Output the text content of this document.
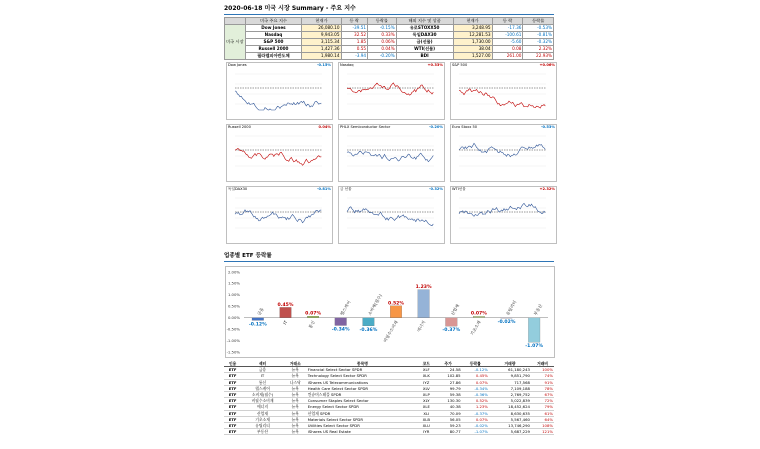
2020-06-18 미국 시장 Summary - 주요 지수
	미국 주요 지수	현재가	등 락	등락률	해외 지수 및 상품	현재가	등 락	등락률
미국 시장	Dow Jones	26,080.10	-39.51	-0.15%	유로STOXX50	3,248.95	-17.36	-0.53%
	Nasdaq	9,943.05	32.52	0.33%	독일DAX30	12,281.53	-100.61	-0.81%
	S&P 500	3,115.34	1.85	0.06%	금(선물)	1,730.00	-5.60	-0.32%
	Russell 2000	1,427.36	0.55	0.04%	WTI(선물)	38.04	0.08	2.32%
	필라델피아반도체	1,980.14	-3.94	-0.20%	BDI	1,527.00	261.00	22.93%
Dow Jones	-0.15%	Nasdaq	+0.33%	S&P 500	+0.06%
Russell 2000	0.04%	PHLX Semiconductor Sector	-0.20%	Euro Stoxx 50	-0.53%
독일DAX30	-0.81%	금 선물	-0.32%	WTI선물	+2.32%
업종별 ETF 등락률
2.00%
1.50%
1.00%
0.50%
0.00%
-0.50%
-1.00%
-1.50%
-0.12%
금융
0.45%
IT
0.07%
통신
-0.34%
헬스케어
-0.36%
소비재(필수) 0.52%
비필수소비재
1.23%
에너지	-0.37%
산업재 0.07%
기초소재	-0.02%
유틸리티
-1.07%
부동산
인용	섹터	거래소	종목명	코드	주가	등락률	거래량	거래비
ETF	금융	뉴욕	Financial Select Sector SPDR	XLF	24.58	-0.12%	61,180,243	100%
ETF	IT	뉴욕	Technology Select Sector SPDR	XLK	102.85	0.45%	9,851,790	74%
ETF	통신	나스닥	iShares US Telecommunications	IYZ	27.86	0.07%	717,568	91%
ETF	헬스케어	뉴욕	Health Care Select Sector SPDR	XLV	99.79	-0.34%	7,109,188	78%
ETF	소비재(필수)	뉴욕	컨슈머스테플 SPDR	XLP	59.38	-0.36%	2,769,752	67%
ETF	비필수소비재	뉴욕	Consumer Staples Select Sector	XLY	130.30	0.52%	5,022,839	72%
ETF	에너지	뉴욕	Energy Select Sector SPDR	XLE	40.38	1.23%	18,452,624	79%
ETF	산업재	뉴욕	산업재 SPDR	XLI	70.09	-0.37%	8,630,635	61%
ETF	기초소재	뉴욕	Materials Select Sector SPDR	XLB	56.05	0.07%	5,567,460	64%
ETF	유틸리티	뉴욕	Utilities Select Sector SPDR	XLU	59.23	-0.02%	13,746,290	108%
ETF	부동산	뉴욕	iShares US Real Estate	IYR	80.77	-1.07%	5,687,229	121%
